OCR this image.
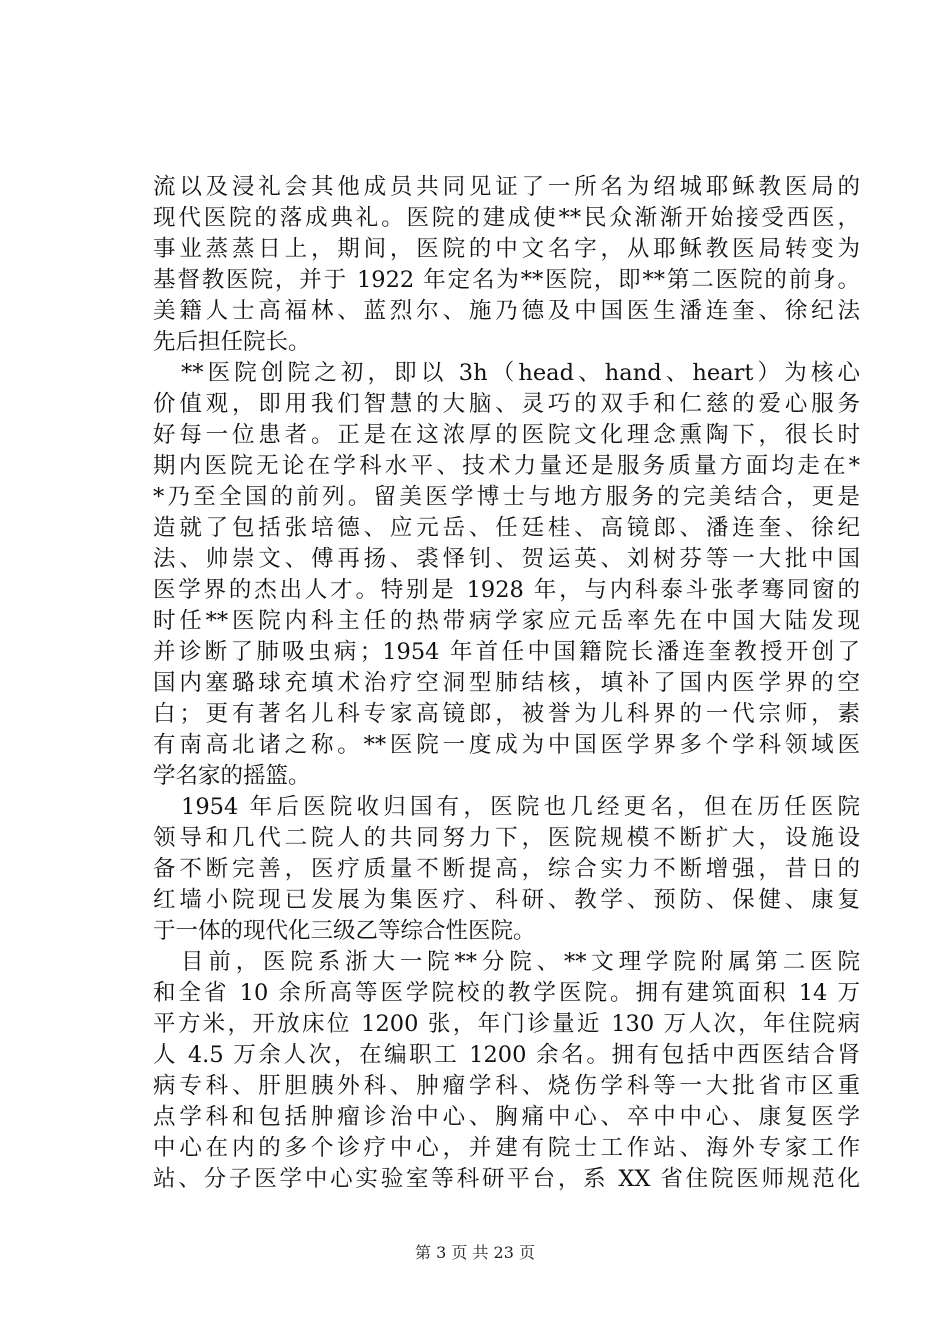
流以及浸礼会其他成员共同见证了一所名为绍城耶稣教医局的
现代医院的落成典礼。医院的建成使**民众渐渐开始接受西医，
事业蒸蒸日上，期间，医院的中文名字，从耶稣教医局转变为
基督教医院，并于 1922 年定名为**医院，即**第二医院的前身。
美籍人士高福林、蓝烈尔、施乃德及中国医生潘连奎、徐纪法
先后担任院长。
**医院创院之初，即以 3h（head、hand、heart）为核心
价值观，即用我们智慧的大脑、灵巧的双手和仁慈的爱心服务
好每一位患者。正是在这浓厚的医院文化理念熏陶下，很长时
期内医院无论在学科水平、技术力量还是服务质量方面均走在*
*乃至全国的前列。留美医学博士与地方服务的完美结合，更是
造就了包括张培德、应元岳、任廷桂、高镜郎、潘连奎、徐纪
法、帅崇文、傅再扬、裘怿钊、贺运英、刘树芬等一大批中国
医学界的杰出人才。特别是 1928 年，与内科泰斗张孝骞同窗的
时任**医院内科主任的热带病学家应元岳率先在中国大陆发现
并诊断了肺吸虫病；1954 年首任中国籍院长潘连奎教授开创了
国内塞璐球充填术治疗空洞型肺结核，填补了国内医学界的空
白；更有著名儿科专家高镜郎，被誉为儿科界的一代宗师，素
有南高北诸之称。**医院一度成为中国医学界多个学科领域医
学名家的摇篮。
1954 年后医院收归国有，医院也几经更名，但在历任医院
领导和几代二院人的共同努力下，医院规模不断扩大，设施设
备不断完善，医疗质量不断提高，综合实力不断增强，昔日的
红墙小院现已发展为集医疗、科研、教学、预防、保健、康复
于一体的现代化三级乙等综合性医院。
目前，医院系浙大一院**分院、**文理学院附属第二医院
和全省 10 余所高等医学院校的教学医院。拥有建筑面积 14 万
平方米，开放床位 1200 张，年门诊量近 130 万人次，年住院病
人 4.5 万余人次，在编职工 1200 余名。拥有包括中西医结合肾
病专科、肝胆胰外科、肿瘤学科、烧伤学科等一大批省市区重
点学科和包括肿瘤诊治中心、胸痛中心、卒中中心、康复医学
中心在内的多个诊疗中心，并建有院士工作站、海外专家工作
站、分子医学中心实验室等科研平台，系 XX 省住院医师规范化
第 3 页 共 23 页
